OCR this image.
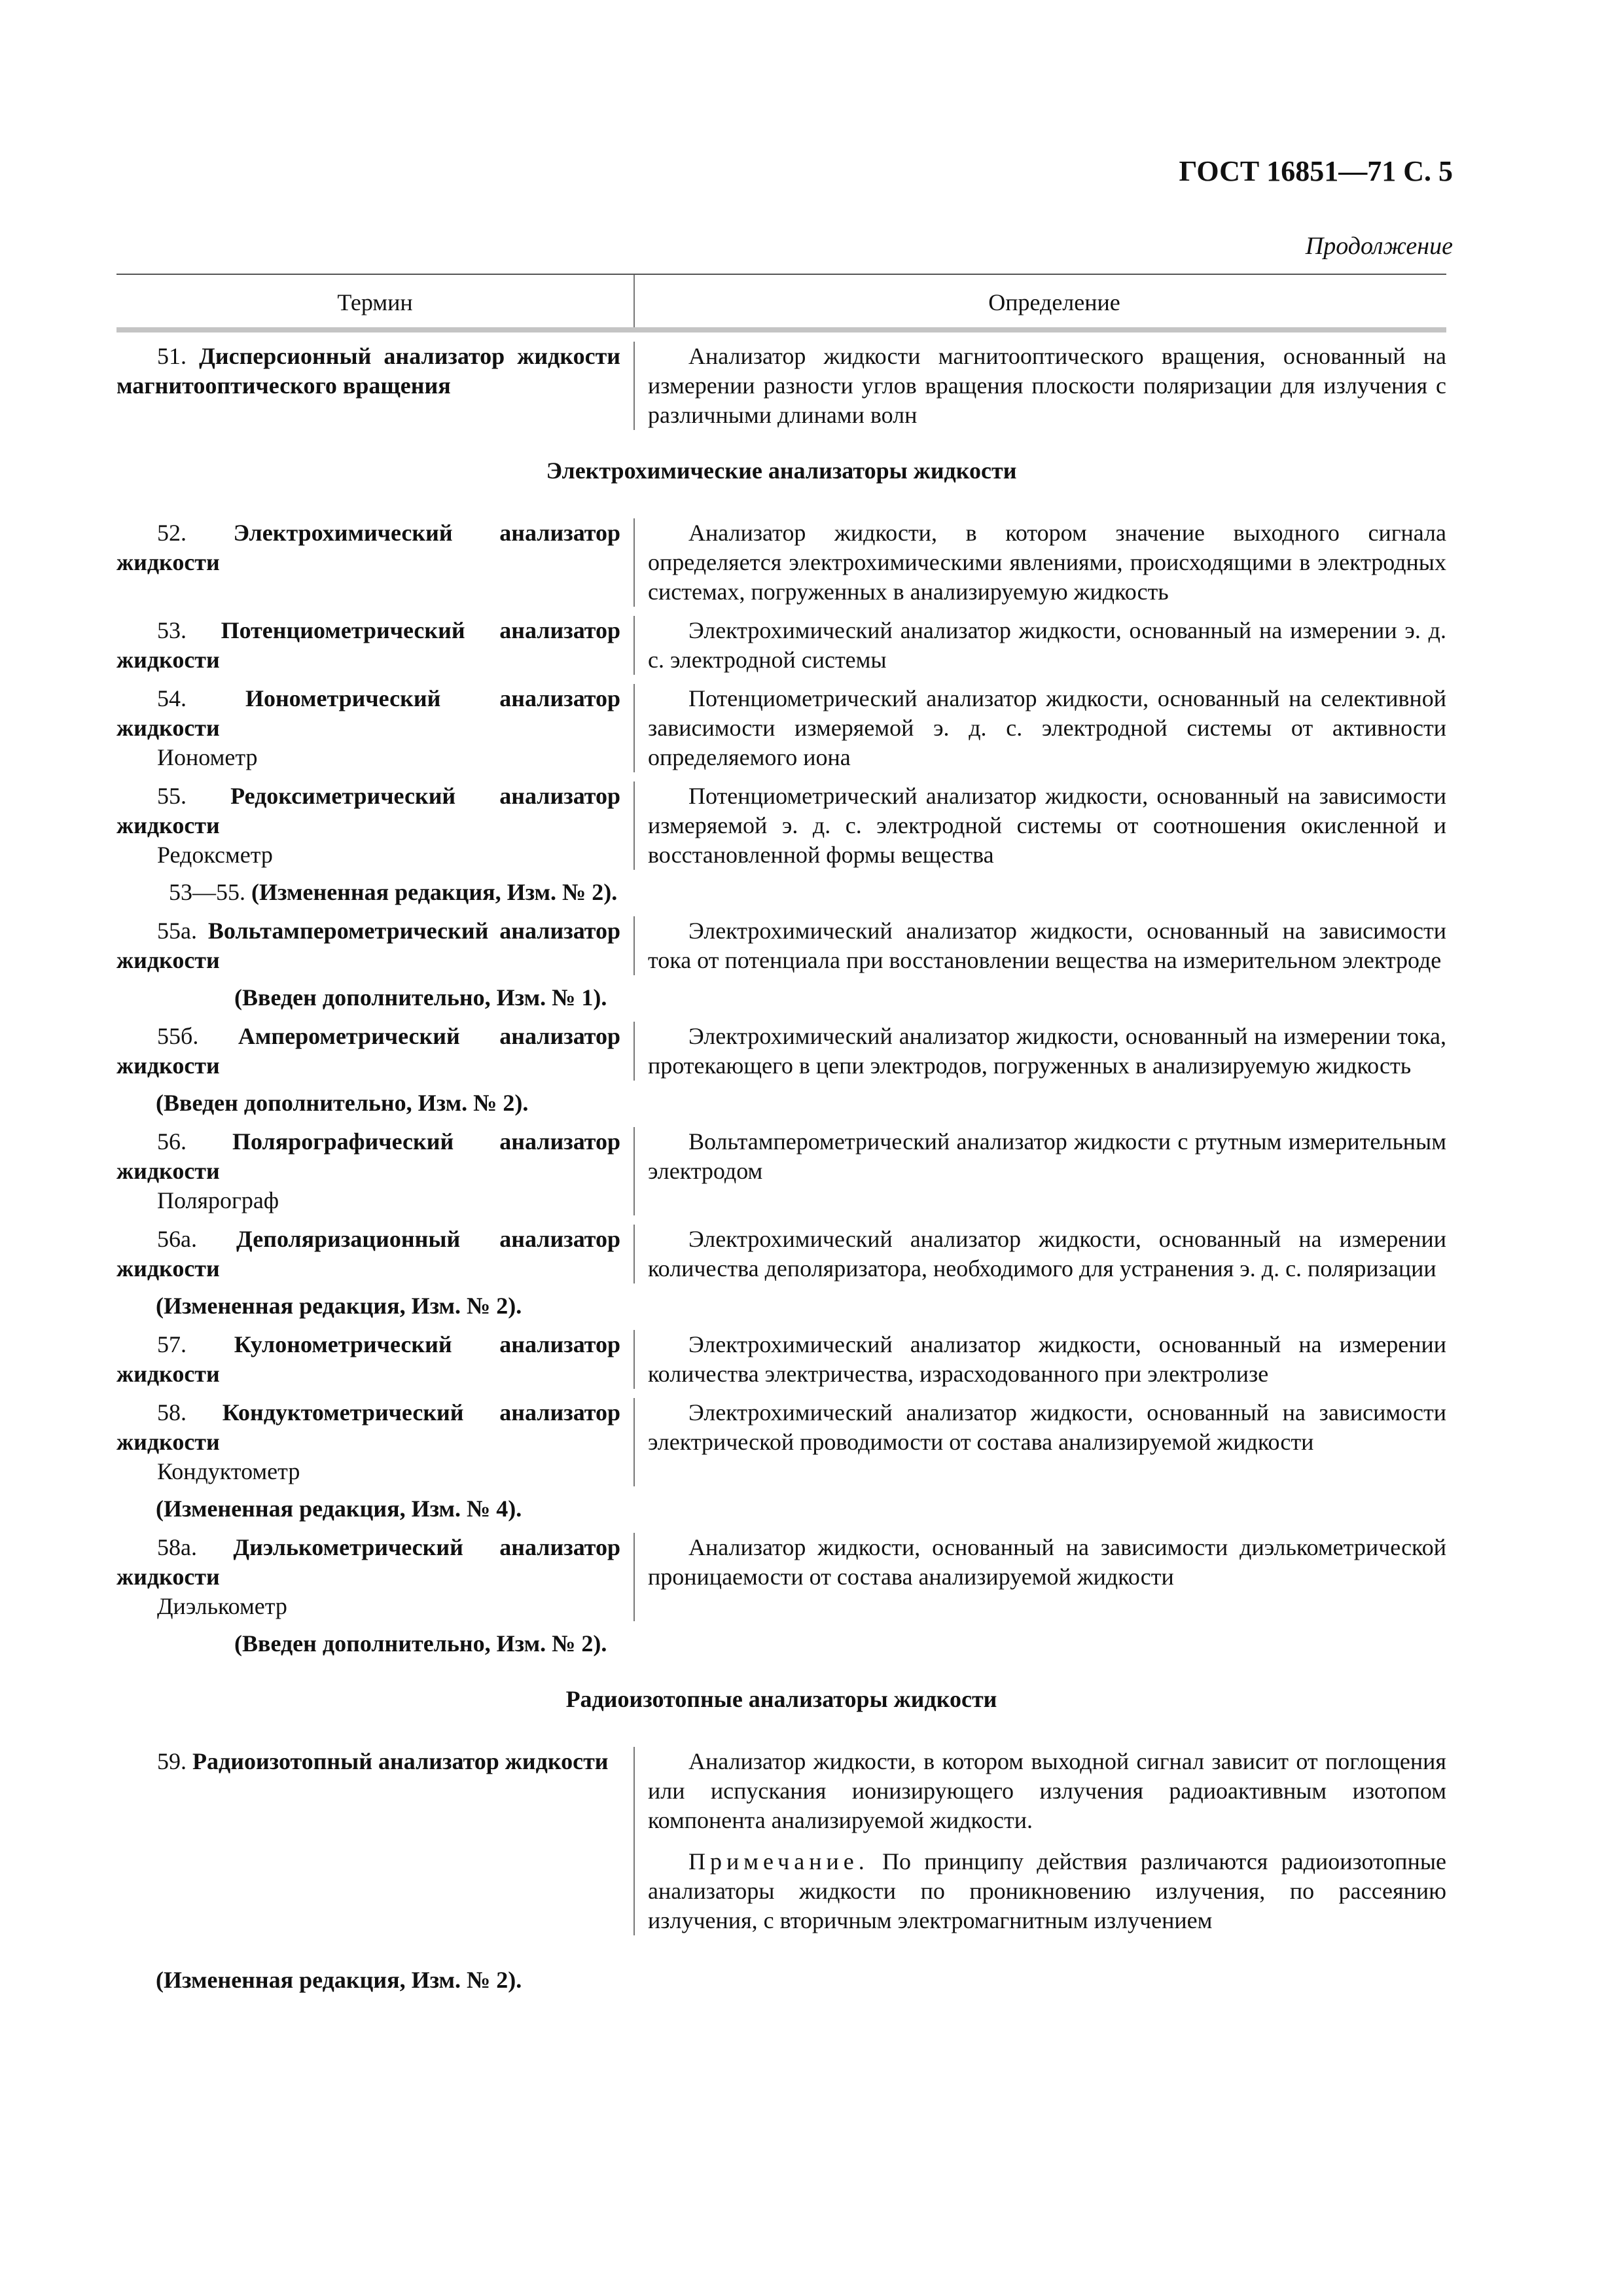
ГОСТ 16851—71 С. 5
Продолжение
Термин	Определение
51. Дисперсионный анализатор жидкости магнитооптического вращения

Анализатор жидкости магнитооптического вращения, основанный на измерении разности углов вращения плоскости поляризации для излучения с различными длинами волн

Электрохимические анализаторы жидкости
52. Электрохимический анализатор жидкости

Анализатор жидкости, в котором значение выходного сигнала определяется электрохимическими явлениями, происходящими в электродных системах, погруженных в анализируемую жидкость

53. Потенциометрический анализатор жидкости

Электрохимический анализатор жидкости, основанный на измерении э. д. с. электродной системы

54. Ионометрический анализатор жидкости
Ионометр

Потенциометрический анализатор жидкости, основанный на селективной зависимости измеряемой э. д. с. электродной системы от активности определяемого иона

55. Редоксиметрический анализатор жидкости
Редоксметр

Потенциометрический анализатор жидкости, основанный на зависимости измеряемой э. д. с. электродной системы от соотношения окисленной и восстановленной формы вещества

53—55. (Измененная редакция, Изм. № 2).
55а. Вольтамперометрический анализатор жидкости

Электрохимический анализатор жидкости, основанный на зависимости тока от потенциала при восстановлении вещества на измерительном электроде

(Введен дополнительно, Изм. № 1).
55б. Амперометрический анализатор жидкости

Электрохимический анализатор жидкости, основанный на измерении тока, протекающего в цепи электродов, погруженных в анализируемую жидкость

(Введен дополнительно, Изм. № 2).
56. Полярографический анализатор жидкости
Полярограф

Вольтамперометрический анализатор жидкости с ртутным измерительным электродом

56а. Деполяризационный анализатор жидкости

Электрохимический анализатор жидкости, основанный на измерении количества деполяризатора, необходимого для устранения э. д. с. поляризации

(Измененная редакция, Изм. № 2).
57. Кулонометрический анализатор жидкости

Электрохимический анализатор жидкости, основанный на измерении количества электричества, израсходованного при электролизе

58. Кондуктометрический анализатор жидкости
Кондуктометр

Электрохимический анализатор жидкости, основанный на зависимости электрической проводимости от состава анализируемой жидкости

(Измененная редакция, Изм. № 4).
58а. Диэлькометрический анализатор жидкости
Диэлькометр

Анализатор жидкости, основанный на зависимости диэлькометрической проницаемости от состава анализируемой жидкости

(Введен дополнительно, Изм. № 2).
Радиоизотопные анализаторы жидкости
59. Радиоизотопный анализатор жидкости	Анализатор жидкости, в котором выходной сигнал зависит от поглощения или испускания ионизирующего излучения радиоактивным изотопом компонента анализируемой жидкости.

Примечание. По принципу действия различаются радиоизотопные анализаторы жидкости по проникновению излучения, по рассеянию излучения, с вторичным электромагнитным излучением

(Измененная редакция, Изм. № 2).
